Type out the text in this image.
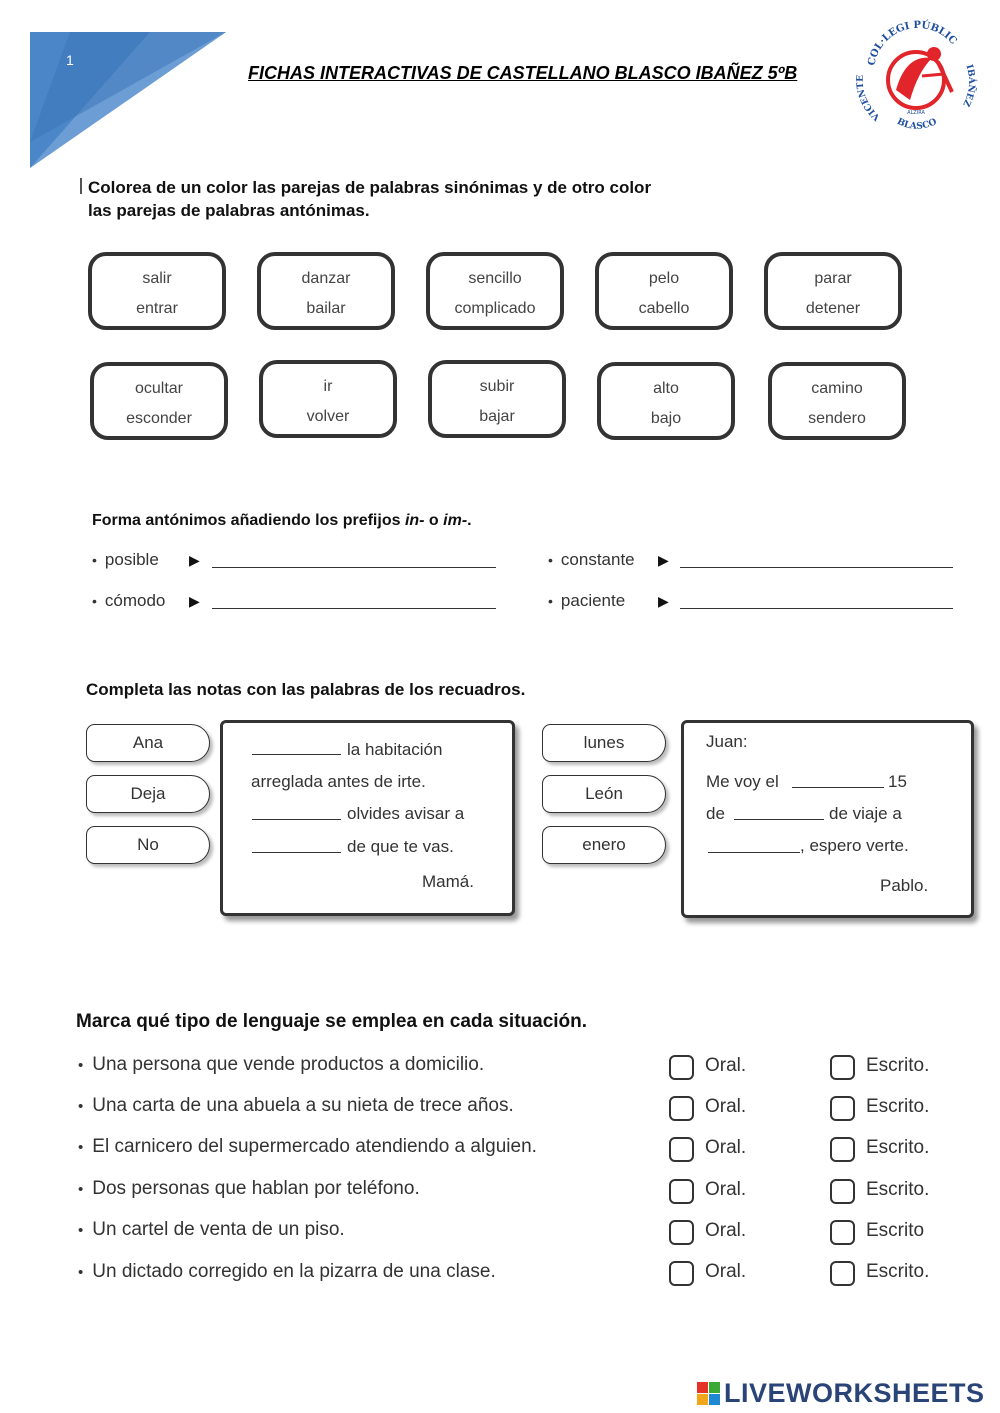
1
FICHAS INTERACTIVAS DE CASTELLANO BLASCO IBAÑEZ 5ºB
COL·LEGI PÚBLIC
VICENTE
IBÁÑEZ
BLASCO
ALZIRA
Colorea de un color las parejas de palabras sinónimas y de otro color
las parejas de palabras antónimas.
salir
entrar
danzar
bailar
sencillo
complicado
pelo
cabello
parar
detener
ocultar
esconder
ir
volver
subir
bajar
alto
bajo
camino
sendero
Forma antónimos añadiendo los prefijos in- o im-.
• posible ▶	• constante ▶
• cómodo ▶	• paciente ▶
Completa las notas con las palabras de los recuadros.
Ana
Deja
No
la habitación
arreglada antes de irte.
olvides avisar a
de que te vas.
Mamá.
lunes
León
enero
Juan:
Me voy el	15
de	de viaje a
, espero verte.
Pablo.
Marca qué tipo de lenguaje se emplea en cada situación.
• Una persona que vende productos a domicilio.	Oral.	Escrito.
• Una carta de una abuela a su nieta de trece años.	Oral.	Escrito.
• El carnicero del supermercado atendiendo a alguien.	Oral.	Escrito.
• Dos personas que hablan por teléfono.	Oral.	Escrito.
• Un cartel de venta de un piso.	Oral.	Escrito
• Un dictado corregido en la pizarra de una clase.	Oral.	Escrito.
LIVEWORKSHEETS
